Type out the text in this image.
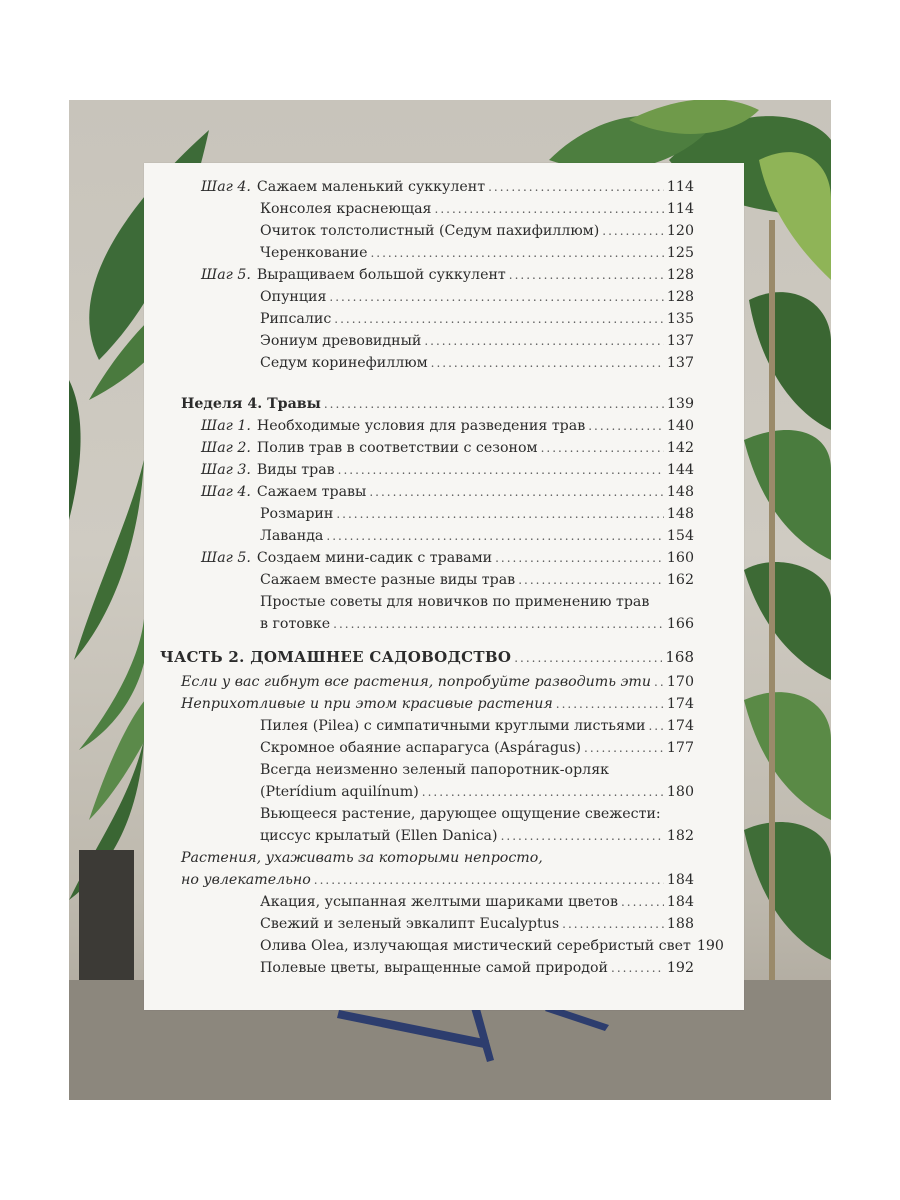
Шаг 4. Сажаем маленький суккулент .....	114
Консолея краснеющая .....	114
Очиток толстолистный (Седум пахифиллюм) .....	120
Черенкование .....	125
Шаг 5. Выращиваем большой суккулент .....	128
Опунция .....	128
Рипсалис .....	135
Эониум древовидный .....	137
Седум коринефиллюм .....	137
Неделя 4. Травы .....	139
Шаг 1. Необходимые условия для разведения трав .....	140
Шаг 2. Полив трав в соответствии с сезоном .....	142
Шаг 3. Виды трав .....	144
Шаг 4. Сажаем травы .....	148
Розмарин .....	148
Лаванда .....	154
Шаг 5. Создаем мини-садик с травами .....	160
Сажаем вместе разные виды трав .....	162
Простые советы для новичков по применению трав
в готовке .....	166
ЧАСТЬ 2. ДОМАШНЕЕ САДОВОДСТВО .....	168
Если у вас гибнут все растения, попробуйте разводить эти ..... 170
Неприхотливые и при этом красивые растения .....	174
Пилея (Pilea) с симпатичными круглыми листьями ..... 174
Скромное обаяние аспарагуса (Aspáragus) .....	177
Всегда неизменно зеленый папоротник-орляк
(Pterídium aquilínum) .....	180
Вьющееся растение, дарующее ощущение свежести:
циссус крылатый (Ellen Danica) .....	182
Растения, ухаживать за которыми непросто,
но увлекательно .....	184
Акация, усыпанная желтыми шариками цветов .....	184
Свежий и зеленый эвкалипт Eucalyptus .....	188
Олива Olea, излучающая мистический серебристый свет 190
Полевые цветы, выращенные самой природой .....	192
